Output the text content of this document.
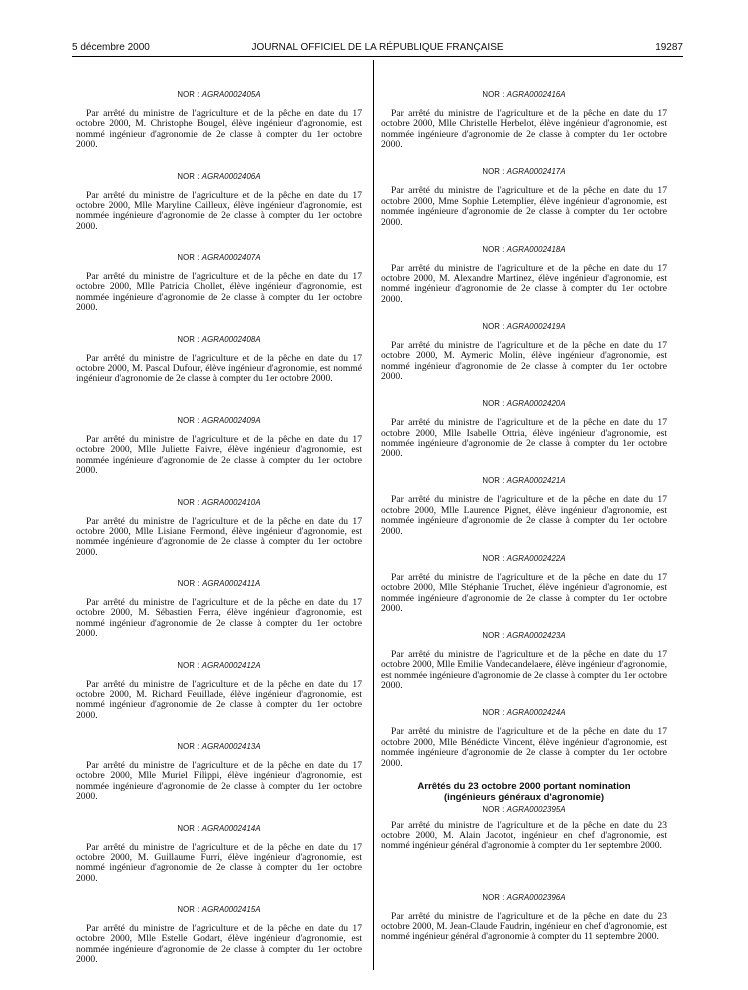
5 décembre 2000	JOURNAL OFFICIEL DE LA RÉPUBLIQUE FRANÇAISE	19287
NOR : AGRA0002405A

Par arrêté du ministre de l'agriculture et de la pêche en date du 17 octobre 2000, M. Christophe Bougel, élève ingénieur d'agronomie, est nommé ingénieur d'agronomie de 2e classe à compter du 1er octobre 2000.

NOR : AGRA0002406A

Par arrêté du ministre de l'agriculture et de la pêche en date du 17 octobre 2000, Mlle Maryline Cailleux, élève ingénieur d'agronomie, est nommée ingénieure d'agronomie de 2e classe à compter du 1er octobre 2000.

NOR : AGRA0002407A

Par arrêté du ministre de l'agriculture et de la pêche en date du 17 octobre 2000, Mlle Patricia Chollet, élève ingénieur d'agronomie, est nommée ingénieure d'agronomie de 2e classe à compter du 1er octobre 2000.

NOR : AGRA0002408A

Par arrêté du ministre de l'agriculture et de la pêche en date du 17 octobre 2000, M. Pascal Dufour, élève ingénieur d'agronomie, est nommé ingénieur d'agronomie de 2e classe à compter du 1er octobre 2000.

NOR : AGRA0002409A

Par arrêté du ministre de l'agriculture et de la pêche en date du 17 octobre 2000, Mlle Juliette Faivre, élève ingénieur d'agronomie, est nommée ingénieure d'agronomie de 2e classe à compter du 1er octobre 2000.

NOR : AGRA0002410A

Par arrêté du ministre de l'agriculture et de la pêche en date du 17 octobre 2000, Mlle Lisiane Fermond, élève ingénieur d'agronomie, est nommée ingénieure d'agronomie de 2e classe à compter du 1er octobre 2000.

NOR : AGRA0002411A

Par arrêté du ministre de l'agriculture et de la pêche en date du 17 octobre 2000, M. Sébastien Ferra, élève ingénieur d'agronomie, est nommé ingénieur d'agronomie de 2e classe à compter du 1er octobre 2000.

NOR : AGRA0002412A

Par arrêté du ministre de l'agriculture et de la pêche en date du 17 octobre 2000, M. Richard Feuillade, élève ingénieur d'agronomie, est nommé ingénieur d'agronomie de 2e classe à compter du 1er octobre 2000.

NOR : AGRA0002413A

Par arrêté du ministre de l'agriculture et de la pêche en date du 17 octobre 2000, Mlle Muriel Filippi, élève ingénieur d'agronomie, est nommée ingénieure d'agronomie de 2e classe à compter du 1er octobre 2000.

NOR : AGRA0002414A

Par arrêté du ministre de l'agriculture et de la pêche en date du 17 octobre 2000, M. Guillaume Furri, élève ingénieur d'agronomie, est nommé ingénieur d'agronomie de 2e classe à compter du 1er octobre 2000.

NOR : AGRA0002415A

Par arrêté du ministre de l'agriculture et de la pêche en date du 17 octobre 2000, Mlle Estelle Godart, élève ingénieur d'agronomie, est nommée ingénieure d'agronomie de 2e classe à compter du 1er octobre 2000.

NOR : AGRA0002416A

Par arrêté du ministre de l'agriculture et de la pêche en date du 17 octobre 2000, Mlle Christelle Herbelot, élève ingénieur d'agronomie, est nommée ingénieure d'agronomie de 2e classe à compter du 1er octobre 2000.

NOR : AGRA0002417A

Par arrêté du ministre de l'agriculture et de la pêche en date du 17 octobre 2000, Mme Sophie Letemplier, élève ingénieur d'agronomie, est nommée ingénieure d'agronomie de 2e classe à compter du 1er octobre 2000.

NOR : AGRA0002418A

Par arrêté du ministre de l'agriculture et de la pêche en date du 17 octobre 2000, M. Alexandre Martinez, élève ingénieur d'agronomie, est nommé ingénieur d'agronomie de 2e classe à compter du 1er octobre 2000.

NOR : AGRA0002419A

Par arrêté du ministre de l'agriculture et de la pêche en date du 17 octobre 2000, M. Aymeric Molin, élève ingénieur d'agronomie, est nommé ingénieur d'agronomie de 2e classe à compter du 1er octobre 2000.

NOR : AGRA0002420A

Par arrêté du ministre de l'agriculture et de la pêche en date du 17 octobre 2000, Mlle Isabelle Ottria, élève ingénieur d'agronomie, est nommée ingénieure d'agronomie de 2e classe à compter du 1er octobre 2000.

NOR : AGRA0002421A

Par arrêté du ministre de l'agriculture et de la pêche en date du 17 octobre 2000, Mlle Laurence Pignet, élève ingénieur d'agronomie, est nommée ingénieure d'agronomie de 2e classe à compter du 1er octobre 2000.

NOR : AGRA0002422A

Par arrêté du ministre de l'agriculture et de la pêche en date du 17 octobre 2000, Mlle Stéphanie Truchet, élève ingénieur d'agronomie, est nommée ingénieure d'agronomie de 2e classe à compter du 1er octobre 2000.

NOR : AGRA0002423A

Par arrêté du ministre de l'agriculture et de la pêche en date du 17 octobre 2000, Mlle Emilie Vandecandelaere, élève ingénieur d'agronomie, est nommée ingénieure d'agronomie de 2e classe à compter du 1er octobre 2000.

NOR : AGRA0002424A

Par arrêté du ministre de l'agriculture et de la pêche en date du 17 octobre 2000, Mlle Bénédicte Vincent, élève ingénieur d'agronomie, est nommée ingénieure d'agronomie de 2e classe à compter du 1er octobre 2000.

Arrêtés du 23 octobre 2000 portant nomination
(ingénieurs généraux d'agronomie)
NOR : AGRA0002395A

Par arrêté du ministre de l'agriculture et de la pêche en date du 23 octobre 2000, M. Alain Jacotot, ingénieur en chef d'agronomie, est nommé ingénieur général d'agronomie à compter du 1er septembre 2000.

NOR : AGRA0002396A

Par arrêté du ministre de l'agriculture et de la pêche en date du 23 octobre 2000, M. Jean-Claude Faudrin, ingénieur en chef d'agronomie, est nommé ingénieur général d'agronomie à compter du 11 septembre 2000.
